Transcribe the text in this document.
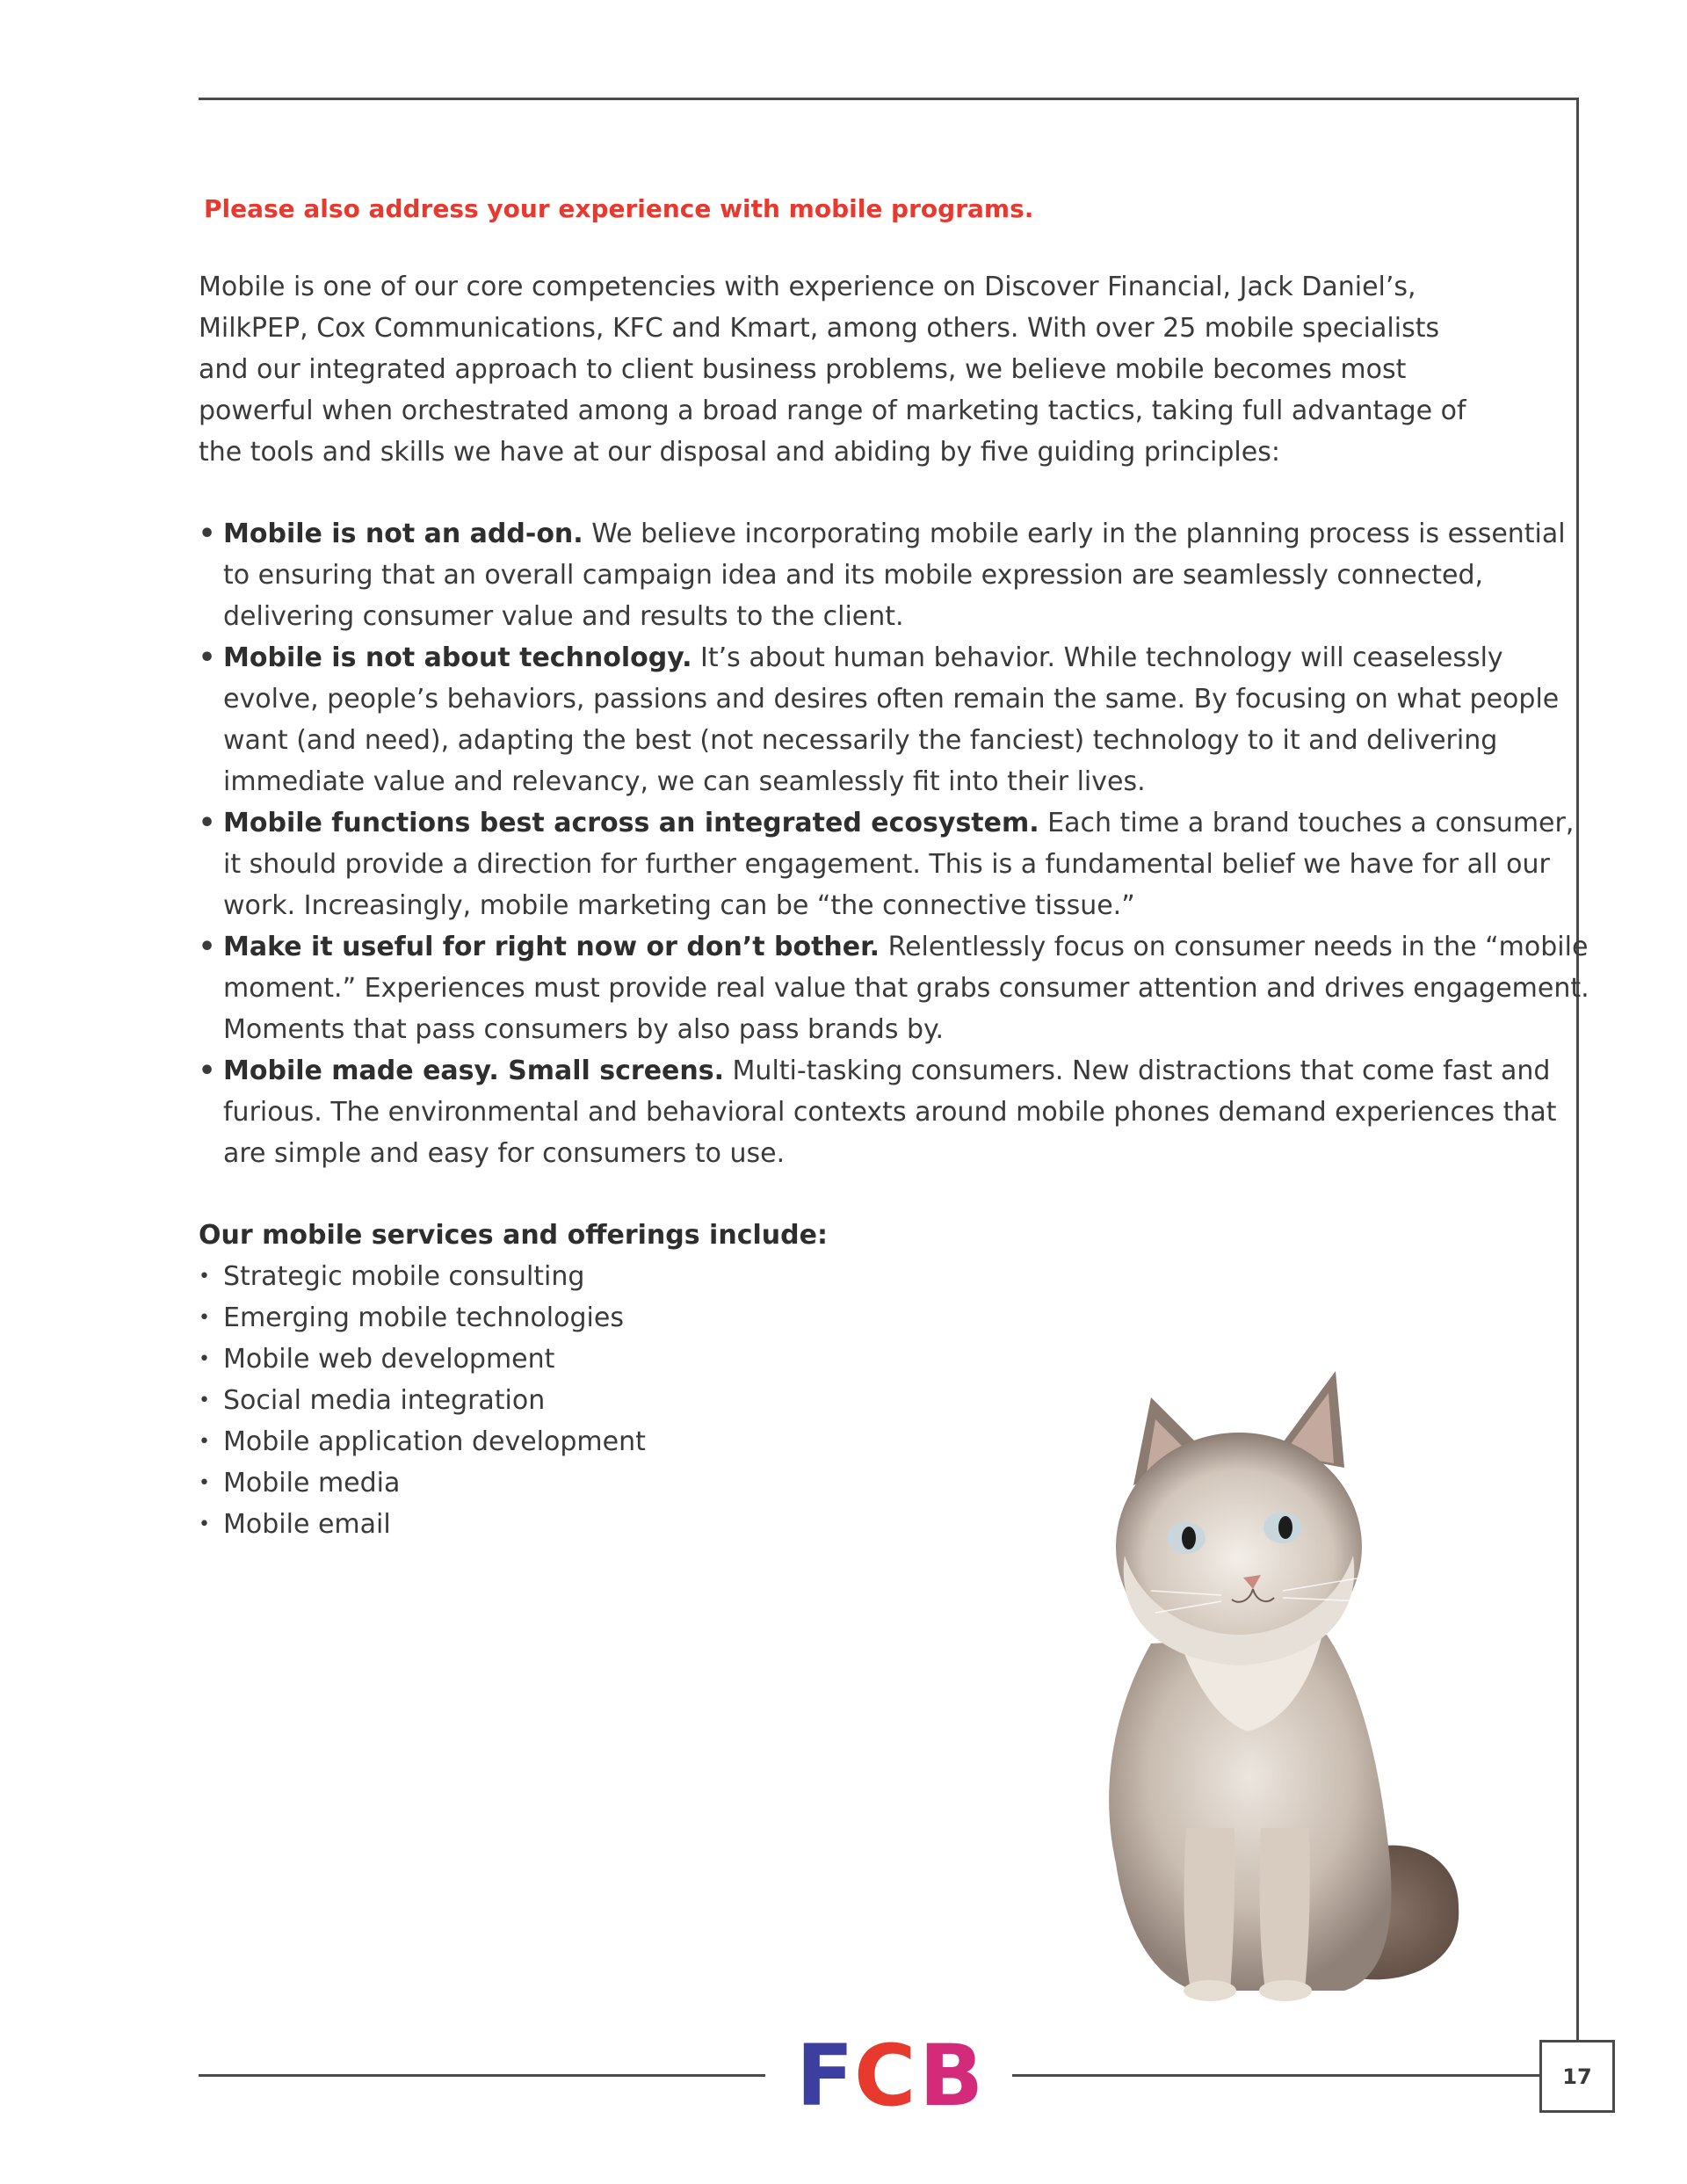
Please also address your experience with mobile programs.

Mobile is one of our core competencies with experience on Discover Financial, Jack Daniel’s, MilkPEP, Cox Communications, KFC and Kmart, among others. With over 25 mobile specialists and our integrated approach to client business problems, we believe mobile becomes most powerful when orchestrated among a broad range of marketing tactics, taking full advantage of the tools and skills we have at our disposal and abiding by five guiding principles:

• Mobile is not an add-on. We believe incorporating mobile early in the planning process is essential to ensuring that an overall campaign idea and its mobile expression are seamlessly connected, delivering consumer value and results to the client.
• Mobile is not about technology. It’s about human behavior. While technology will ceaselessly evolve, people’s behaviors, passions and desires often remain the same. By focusing on what people want (and need), adapting the best (not necessarily the fanciest) technology to it and delivering immediate value and relevancy, we can seamlessly fit into their lives.
• Mobile functions best across an integrated ecosystem. Each time a brand touches a consumer, it should provide a direction for further engagement. This is a fundamental belief we have for all our work. Increasingly, mobile marketing can be “the connective tissue.”
• Make it useful for right now or don’t bother. Relentlessly focus on consumer needs in the “mobile moment.” Experiences must provide real value that grabs consumer attention and drives engagement. Moments that pass consumers by also pass brands by.
• Mobile made easy. Small screens. Multi-tasking consumers. New distractions that come fast and furious. The environmental and behavioral contexts around mobile phones demand experiences that are simple and easy for consumers to use.

Our mobile services and offerings include:

• Strategic mobile consulting
• Emerging mobile technologies
• Mobile web development
• Social media integration
• Mobile application development
• Mobile media
• Mobile email
F C B	17
